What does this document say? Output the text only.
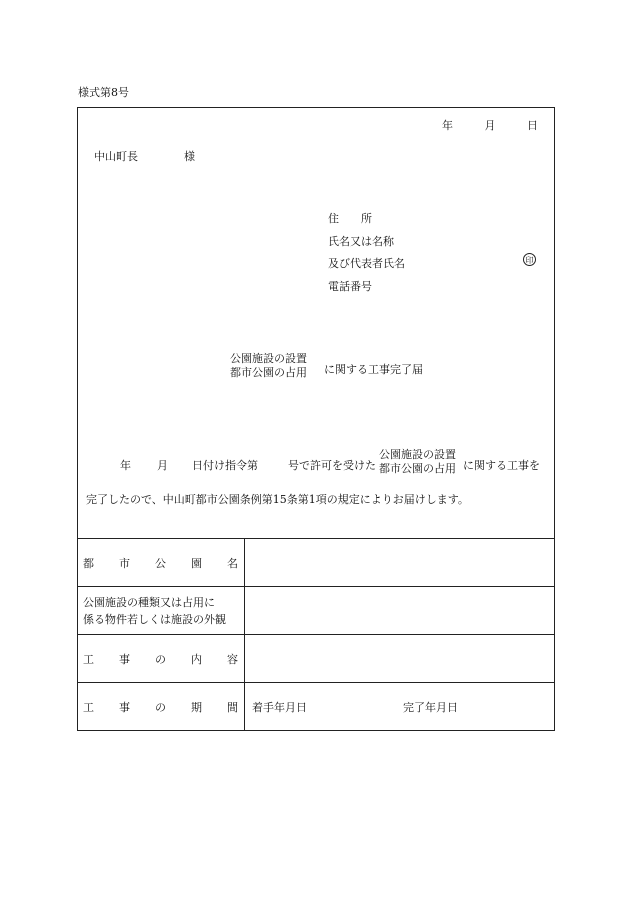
様式第8号
年	月	日
中山町長	様
住　　所
氏名又は名称
及び代表者氏名
電話番号
印
公園施設の設置
都市公園の占用 に関する工事完了届
年 月 日付け指令第	号で許可を受けた
公園施設の設置
都市公園の占用 に関する工事を
完了したので、中山町都市公園条例第15条第1項の規定によりお届けします。
都 市 公 園 名
公園施設の種類又は占用に
係る物件若しくは施設の外観
工 事 の 内 容
工 事 の 期 間 着手年月日	完了年月日
